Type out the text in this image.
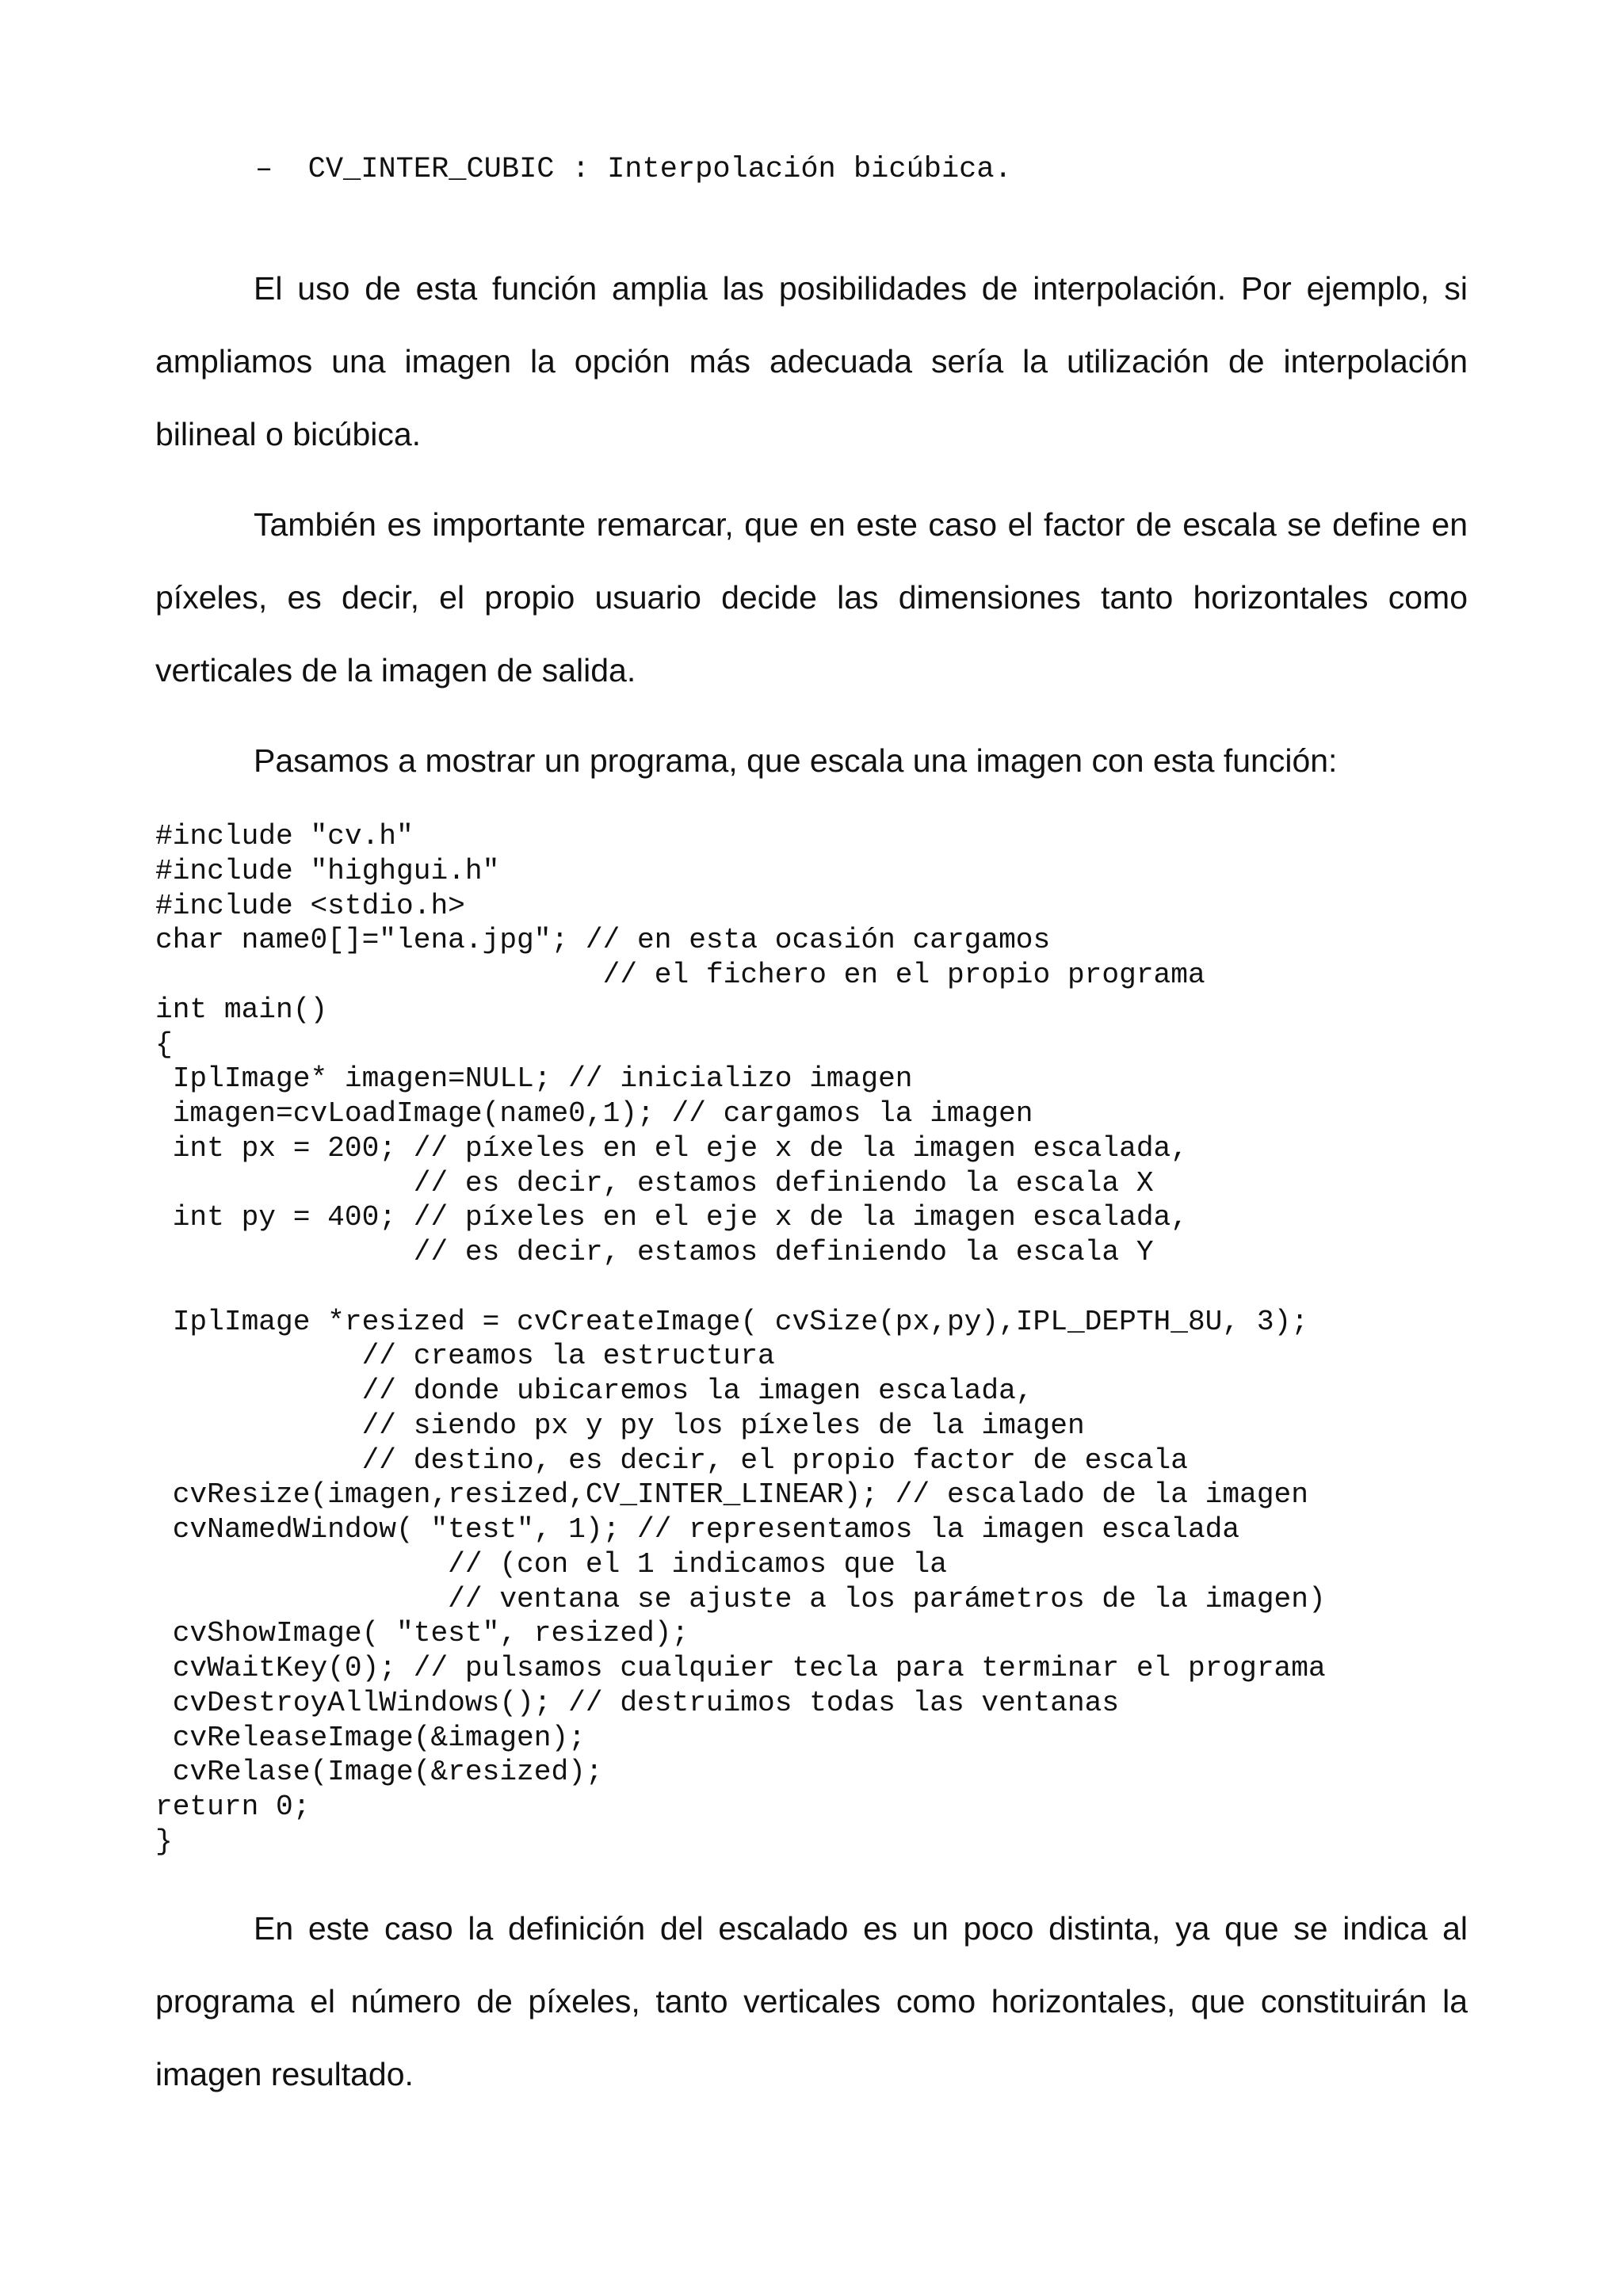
– CV_INTER_CUBIC : Interpolación bicúbica.

El uso de esta función amplia las posibilidades de interpolación. Por ejemplo, si ampliamos una imagen la opción más adecuada sería la utilización de interpolación bilineal o bicúbica.

También es importante remarcar, que en este caso el factor de escala se define en píxeles, es decir, el propio usuario decide las dimensiones tanto horizontales como verticales de la imagen de salida.

Pasamos a mostrar un programa, que escala una imagen con esta función:

#include "cv.h"
#include "highgui.h"
#include <stdio.h>
char name0[]="lena.jpg"; // en esta ocasión cargamos
// el fichero en el propio programa
int main()
{
IplImage* imagen=NULL; // inicializo imagen
imagen=cvLoadImage(name0,1); // cargamos la imagen
int px = 200; // píxeles en el eje x de la imagen escalada,
// es decir, estamos definiendo la escala X
int py = 400; // píxeles en el eje x de la imagen escalada,
// es decir, estamos definiendo la escala Y
IplImage *resized = cvCreateImage( cvSize(px,py),IPL_DEPTH_8U, 3);
// creamos la estructura
// donde ubicaremos la imagen escalada,
// siendo px y py los píxeles de la imagen
// destino, es decir, el propio factor de escala
cvResize(imagen,resized,CV_INTER_LINEAR); // escalado de la imagen
cvNamedWindow( "test", 1); // representamos la imagen escalada
// (con el 1 indicamos que la
// ventana se ajuste a los parámetros de la imagen)
cvShowImage( "test", resized);
cvWaitKey(0); // pulsamos cualquier tecla para terminar el programa
cvDestroyAllWindows(); // destruimos todas las ventanas
cvReleaseImage(&imagen);
cvRelase(Image(&resized);
return 0;
}

En este caso la definición del escalado es un poco distinta, ya que se indica al programa el número de píxeles, tanto verticales como horizontales, que constituirán la imagen resultado.
